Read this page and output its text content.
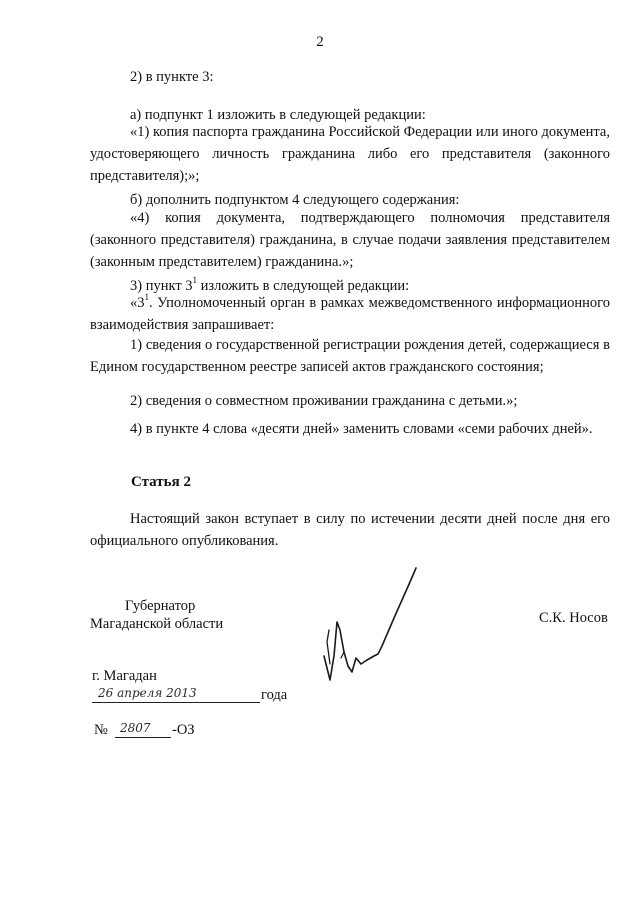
2
2) в пункте 3:
а) подпункт 1 изложить в следующей редакции:
«1) копия паспорта гражданина Российской Федерации или иного документа, удостоверяющего личность гражданина либо его представителя (законного представителя);»;
б) дополнить подпунктом 4 следующего содержания:
«4) копия документа, подтверждающего полномочия представителя (законного представителя) гражданина, в случае подачи заявления представителем (законным представителем) гражданина.»;
3) пункт $3^1$ изложить в следующей редакции:
«$3^1$. Уполномоченный орган в рамках межведомственного информационного взаимодействия запрашивает:
1) сведения о государственной регистрации рождения детей, содержащиеся в Едином государственном реестре записей актов гражданского состояния;
2) сведения о совместном проживании гражданина с детьми.»;
4) в пункте 4 слова «десяти дней» заменить словами «семи рабочих дней».
Статья 2
Настоящий закон вступает в силу по истечении десяти дней после дня его официального опубликования.
Губернатор
Магаданской области	С.К. Носов
г. Магадан
26 апреля 2013	года
№ 2807 -ОЗ
